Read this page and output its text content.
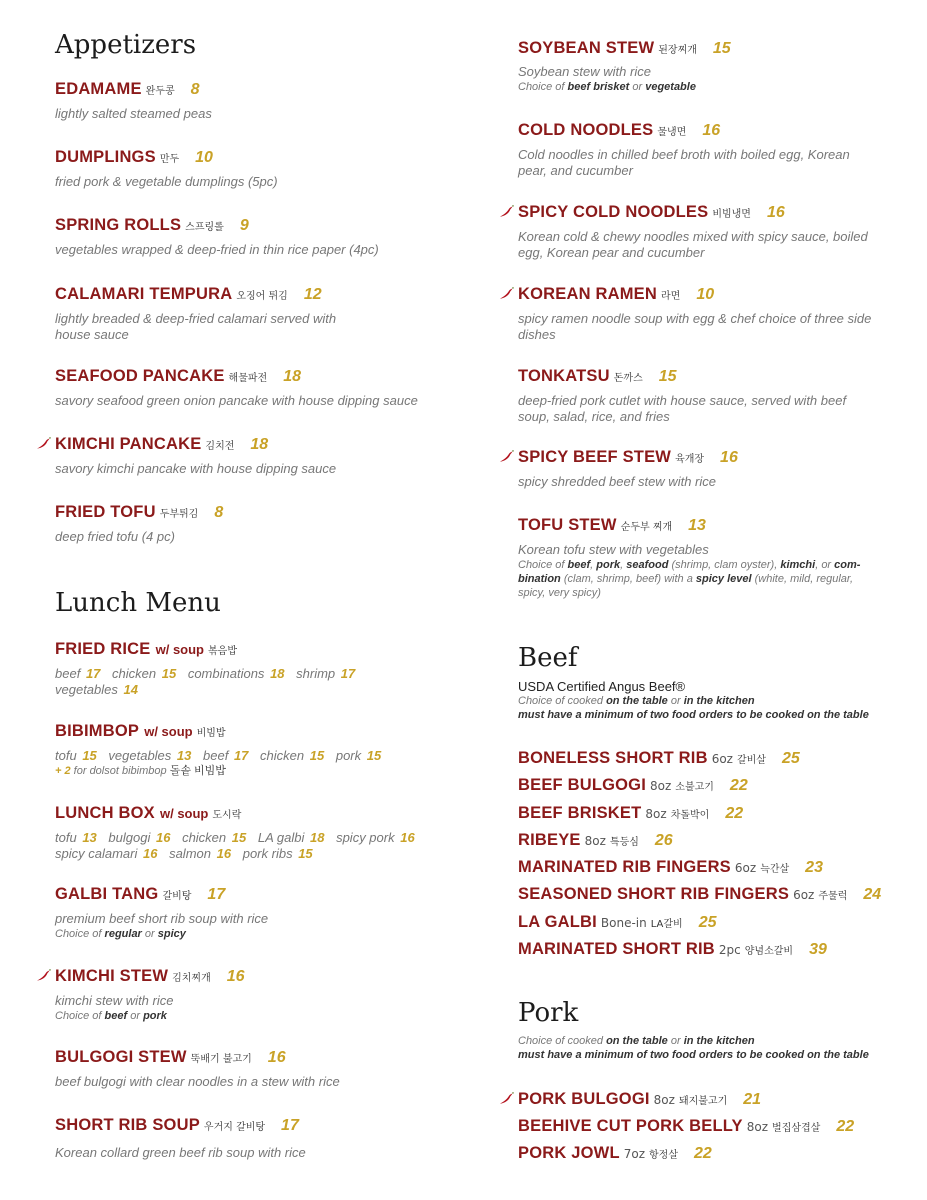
Appetizers
EDAMAME 완두콩 8
lightly salted steamed peas
DUMPLINGS 만두 10
fried pork & vegetable dumplings (5pc)
SPRING ROLLS 스프링롤 9
vegetables wrapped & deep-fried in thin rice paper (4pc)
CALAMARI TEMPURA 오징어 튀김 12
lightly breaded & deep-fried calamari served with house sauce
SEAFOOD PANCAKE 해물파전 18
savory seafood green onion pancake with house dipping sauce
KIMCHI PANCAKE 김치전 18
savory kimchi pancake with house dipping sauce
FRIED TOFU 두부튀김 8
deep fried tofu (4 pc)
Lunch Menu
FRIED RICE w/ soup 볶음밥
beef 17 chicken 15 combinations 18 shrimp 17
vegetables 14
BIBIMBOP w/ soup 비빔밥
tofu 15 vegetables 13 beef 17 chicken 15 pork 15
+ 2 for dolsot bibimbop 돌솥 비빔밥
LUNCH BOX w/ soup 도시락
tofu 13 bulgogi 16 chicken 15 LA galbi 18 spicy pork 16
spicy calamari 16 salmon 16 pork ribs 15
GALBI TANG 갈비탕 17
premium beef short rib soup with rice
Choice of regular or spicy
KIMCHI STEW 김치찌개 16
kimchi stew with rice
Choice of beef or pork
BULGOGI STEW 뚝배기 불고기 16
beef bulgogi with clear noodles in a stew with rice
SHORT RIB SOUP 우거지 갈비탕 17
Korean collard green beef rib soup with rice
SOYBEAN STEW 된장찌개 15
Soybean stew with rice
Choice of beef brisket or vegetable
COLD NOODLES 물냉면 16
Cold noodles in chilled beef broth with boiled egg, Korean pear, and cucumber
SPICY COLD NOODLES 비빔냉면 16
Korean cold & chewy noodles mixed with spicy sauce, boiled egg, Korean pear and cucumber
KOREAN RAMEN 라면 10
spicy ramen noodle soup with egg & chef choice of three side dishes
TONKATSU 돈까스 15
deep-fried pork cutlet with house sauce, served with beef soup, salad, rice, and fries
SPICY BEEF STEW 육개장 16
spicy shredded beef stew with rice
TOFU STEW 순두부 찌개 13
Korean tofu stew with vegetables
Choice of beef, pork, seafood (shrimp, clam oyster), kimchi, or com-
bination (clam, shrimp, beef) with a spicy level (white, mild, regular,
spicy, very spicy)
Beef
USDA Certified Angus Beef®
Choice of cooked on the table or in the kitchen
must have a minimum of two food orders to be cooked on the table
BONELESS SHORT RIB 6oz 갈비살 25
BEEF BULGOGI 8oz 소불고기 22
BEEF BRISKET 8oz 차돌박이 22
RIBEYE 8oz 특등심 26
MARINATED RIB FINGERS 6oz 늑간살 23
SEASONED SHORT RIB FINGERS 6oz 주물럭 24
LA GALBI Bone-in LA갈비 25
MARINATED SHORT RIB 2pc 양념소갈비 39
Pork
Choice of cooked on the table or in the kitchen
must have a minimum of two food orders to be cooked on the table
PORK BULGOGI 8oz 돼지불고기 21
BEEHIVE CUT PORK BELLY 8oz 벌집삼겹살 22
PORK JOWL 7oz 항정살 22
